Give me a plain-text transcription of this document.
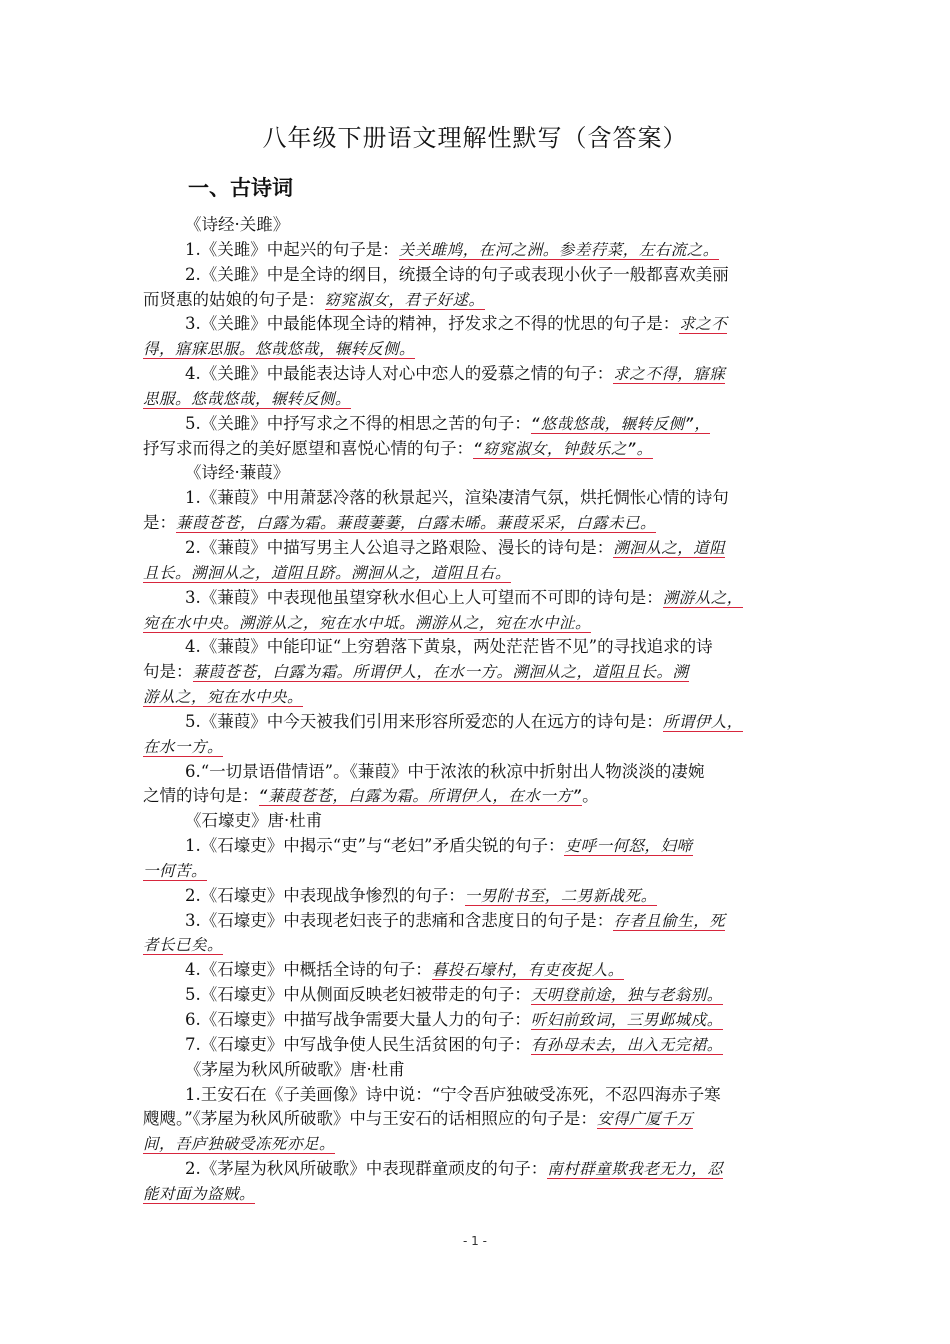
八年级下册语文理解性默写（含答案）
一、古诗词
《诗经·关雎》
1.《关雎》中起兴的句子是：关关雎鸠，在河之洲。参差荇菜，左右流之。
2.《关雎》中是全诗的纲目，统摄全诗的句子或表现小伙子一般都喜欢美丽
而贤惠的姑娘的句子是：窈窕淑女，君子好逑。
3.《关雎》中最能体现全诗的精神，抒发求之不得的忧思的句子是：求之不
得，寤寐思服。悠哉悠哉，辗转反侧。
4.《关雎》中最能表达诗人对心中恋人的爱慕之情的句子：求之不得，寤寐
思服。悠哉悠哉，辗转反侧。
5.《关雎》中抒写求之不得的相思之苦的句子：“悠哉悠哉，辗转反侧”，
抒写求而得之的美好愿望和喜悦心情的句子：“窈窕淑女，钟鼓乐之”。
《诗经·蒹葭》
1.《蒹葭》中用萧瑟冷落的秋景起兴，渲染凄清气氛，烘托惆怅心情的诗句
是：蒹葭苍苍，白露为霜。蒹葭萋萋，白露未晞。蒹葭采采，白露未已。
2.《蒹葭》中描写男主人公追寻之路艰险、漫长的诗句是：溯洄从之，道阻
且长。溯洄从之，道阻且跻。溯洄从之，道阻且右。
3.《蒹葭》中表现他虽望穿秋水但心上人可望而不可即的诗句是：溯游从之，
宛在水中央。溯游从之，宛在水中坻。溯游从之，宛在水中沚。
4.《蒹葭》中能印证“上穷碧落下黄泉，两处茫茫皆不见”的寻找追求的诗
句是：蒹葭苍苍，白露为霜。所谓伊人，在水一方。溯洄从之，道阻且长。溯
游从之，宛在水中央。
5.《蒹葭》中今天被我们引用来形容所爱恋的人在远方的诗句是：所谓伊人，
在水一方。
6.“一切景语借情语”。《蒹葭》中于浓浓的秋凉中折射出人物淡淡的凄婉
之情的诗句是：“蒹葭苍苍，白露为霜。所谓伊人，在水一方”。
《石壕吏》唐·杜甫
1.《石壕吏》中揭示“吏”与“老妇”矛盾尖锐的句子：吏呼一何怒，妇啼
一何苦。
2.《石壕吏》中表现战争惨烈的句子：一男附书至，二男新战死。
3.《石壕吏》中表现老妇丧子的悲痛和含悲度日的句子是：存者且偷生，死
者长已矣。
4.《石壕吏》中概括全诗的句子：暮投石壕村，有吏夜捉人。
5.《石壕吏》中从侧面反映老妇被带走的句子：天明登前途，独与老翁别。
6.《石壕吏》中描写战争需要大量人力的句子：听妇前致词，三男邺城戍。
7.《石壕吏》中写战争使人民生活贫困的句子：有孙母未去，出入无完裙。
《茅屋为秋风所破歌》唐·杜甫
1.王安石在《子美画像》诗中说：“宁令吾庐独破受冻死，不忍四海赤子寒
飕飕。”《茅屋为秋风所破歌》中与王安石的话相照应的句子是：安得广厦千万
间，吾庐独破受冻死亦足。
2.《茅屋为秋风所破歌》中表现群童顽皮的句子：南村群童欺我老无力，忍
能对面为盗贼。
- 1 -
